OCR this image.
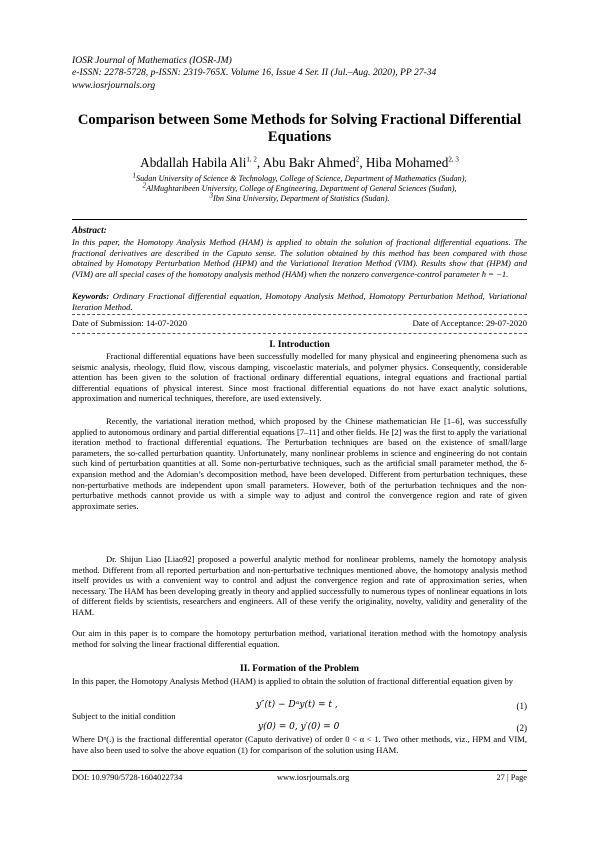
IOSR Journal of Mathematics (IOSR-JM)
e-ISSN: 2278-5728, p-ISSN: 2319-765X. Volume 16, Issue 4 Ser. II (Jul.–Aug. 2020), PP 27-34
www.iosrjournals.org
Comparison between Some Methods for Solving Fractional Differential Equations
Abdallah Habila Ali$^{1, 2}$, Abu Bakr Ahmed$^2$, Hiba Mohamed$^{2, 3}$
$^1$Sudan University of Science & Technology, College of Science, Department of Mathematics (Sudan),
$^2$AlMughtaribeen University, College of Engineering, Department of General Sciences (Sudan),
$^3$Ibn Sina University, Department of Statistics (Sudan).
Abstract:
In this paper, the Homotopy Analysis Method (HAM) is applied to obtain the solution of fractional differential equations. The fractional derivatives are described in the Caputo sense. The solution obtained by this method has been compared with those obtained by Homotopy Perturbation Method (HPM) and the Variational Iteration Method (VIM). Results show that (HPM) and (VIM) are all special cases of the homotopy analysis method (HAM) when the nonzero convergence-control parameter ħ = −1.
Keywords: Ordinary Fractional differential equation, Homotopy Analysis Method, Homotopy Perturbation Method, Variational Iteration Method.
Date of Submission: 14-07-2020	Date of Acceptance: 29-07-2020
I. Introduction
Fractional differential equations have been successfully modelled for many physical and engineering phenomena such as seismic analysis, rheology, fluid flow, viscous damping, viscoelastic materials, and polymer physics. Consequently, considerable attention has been given to the solution of fractional ordinary differential equations, integral equations and fractional partial differential equations of physical interest. Since most fractional differential equations do not have exact analytic solutions, approximation and numerical techniques, therefore, are used extensively.
Recently, the variational iteration method, which proposed by the Chinese mathematician He [1–6], was successfully applied to autonomous ordinary and partial differential equations [7–11] and other fields. He [2] was the first to apply the variational iteration method to fractional differential equations. The Perturbation techniques are based on the existence of small/large parameters, the so-called perturbation quantity. Unfortunately, many nonlinear problems in science and engineering do not contain such kind of perturbation quantities at all. Some non-perturbative techniques, such as the artificial small parameter method, the δ-expansion method and the Adomian’s decomposition method, have been developed. Different from perturbation techniques, these non-perturbative methods are independent upon small parameters. However, both of the perturbation techniques and the non-perturbative methods cannot provide us with a simple way to adjust and control the convergence region and rate of given approximate series.
Dr. Shijun Liao [Liao92] proposed a powerful analytic method for nonlinear problems, namely the homotopy analysis method. Different from all reported perturbation and non-perturbative techniques mentioned above, the homotopy analysis method itself provides us with a convenient way to control and adjust the convergence region and rate of approximation series, when necessary. The HAM has been developing greatly in theory and applied successfully to numerous types of nonlinear equations in lots of different fields by scientists, researchers and engineers. All of these verify the originality, novelty, validity and generality of the HAM.
Our aim in this paper is to compare the homotopy perturbation method, variational iteration method with the homotopy analysis method for solving the linear fractional differential equation.
II. Formation of the Problem
In this paper, the Homotopy Analysis Method (HAM) is applied to obtain the solution of fractional differential equation given by
y″(t) − Dᵅy(t) = t ,	(1)
Subject to the initial condition
y(0) = 0, y′(0) = 0	(2)
Where Dᵅ(.) is the fractional differential operator (Caputo derivative) of order 0 < α < 1. Two other methods, viz., HPM and VIM, have also been used to solve the above equation (1) for comparison of the solution using HAM.
DOI: 10.9790/5728-1604022734	www.iosrjournals.org	27 | Page
